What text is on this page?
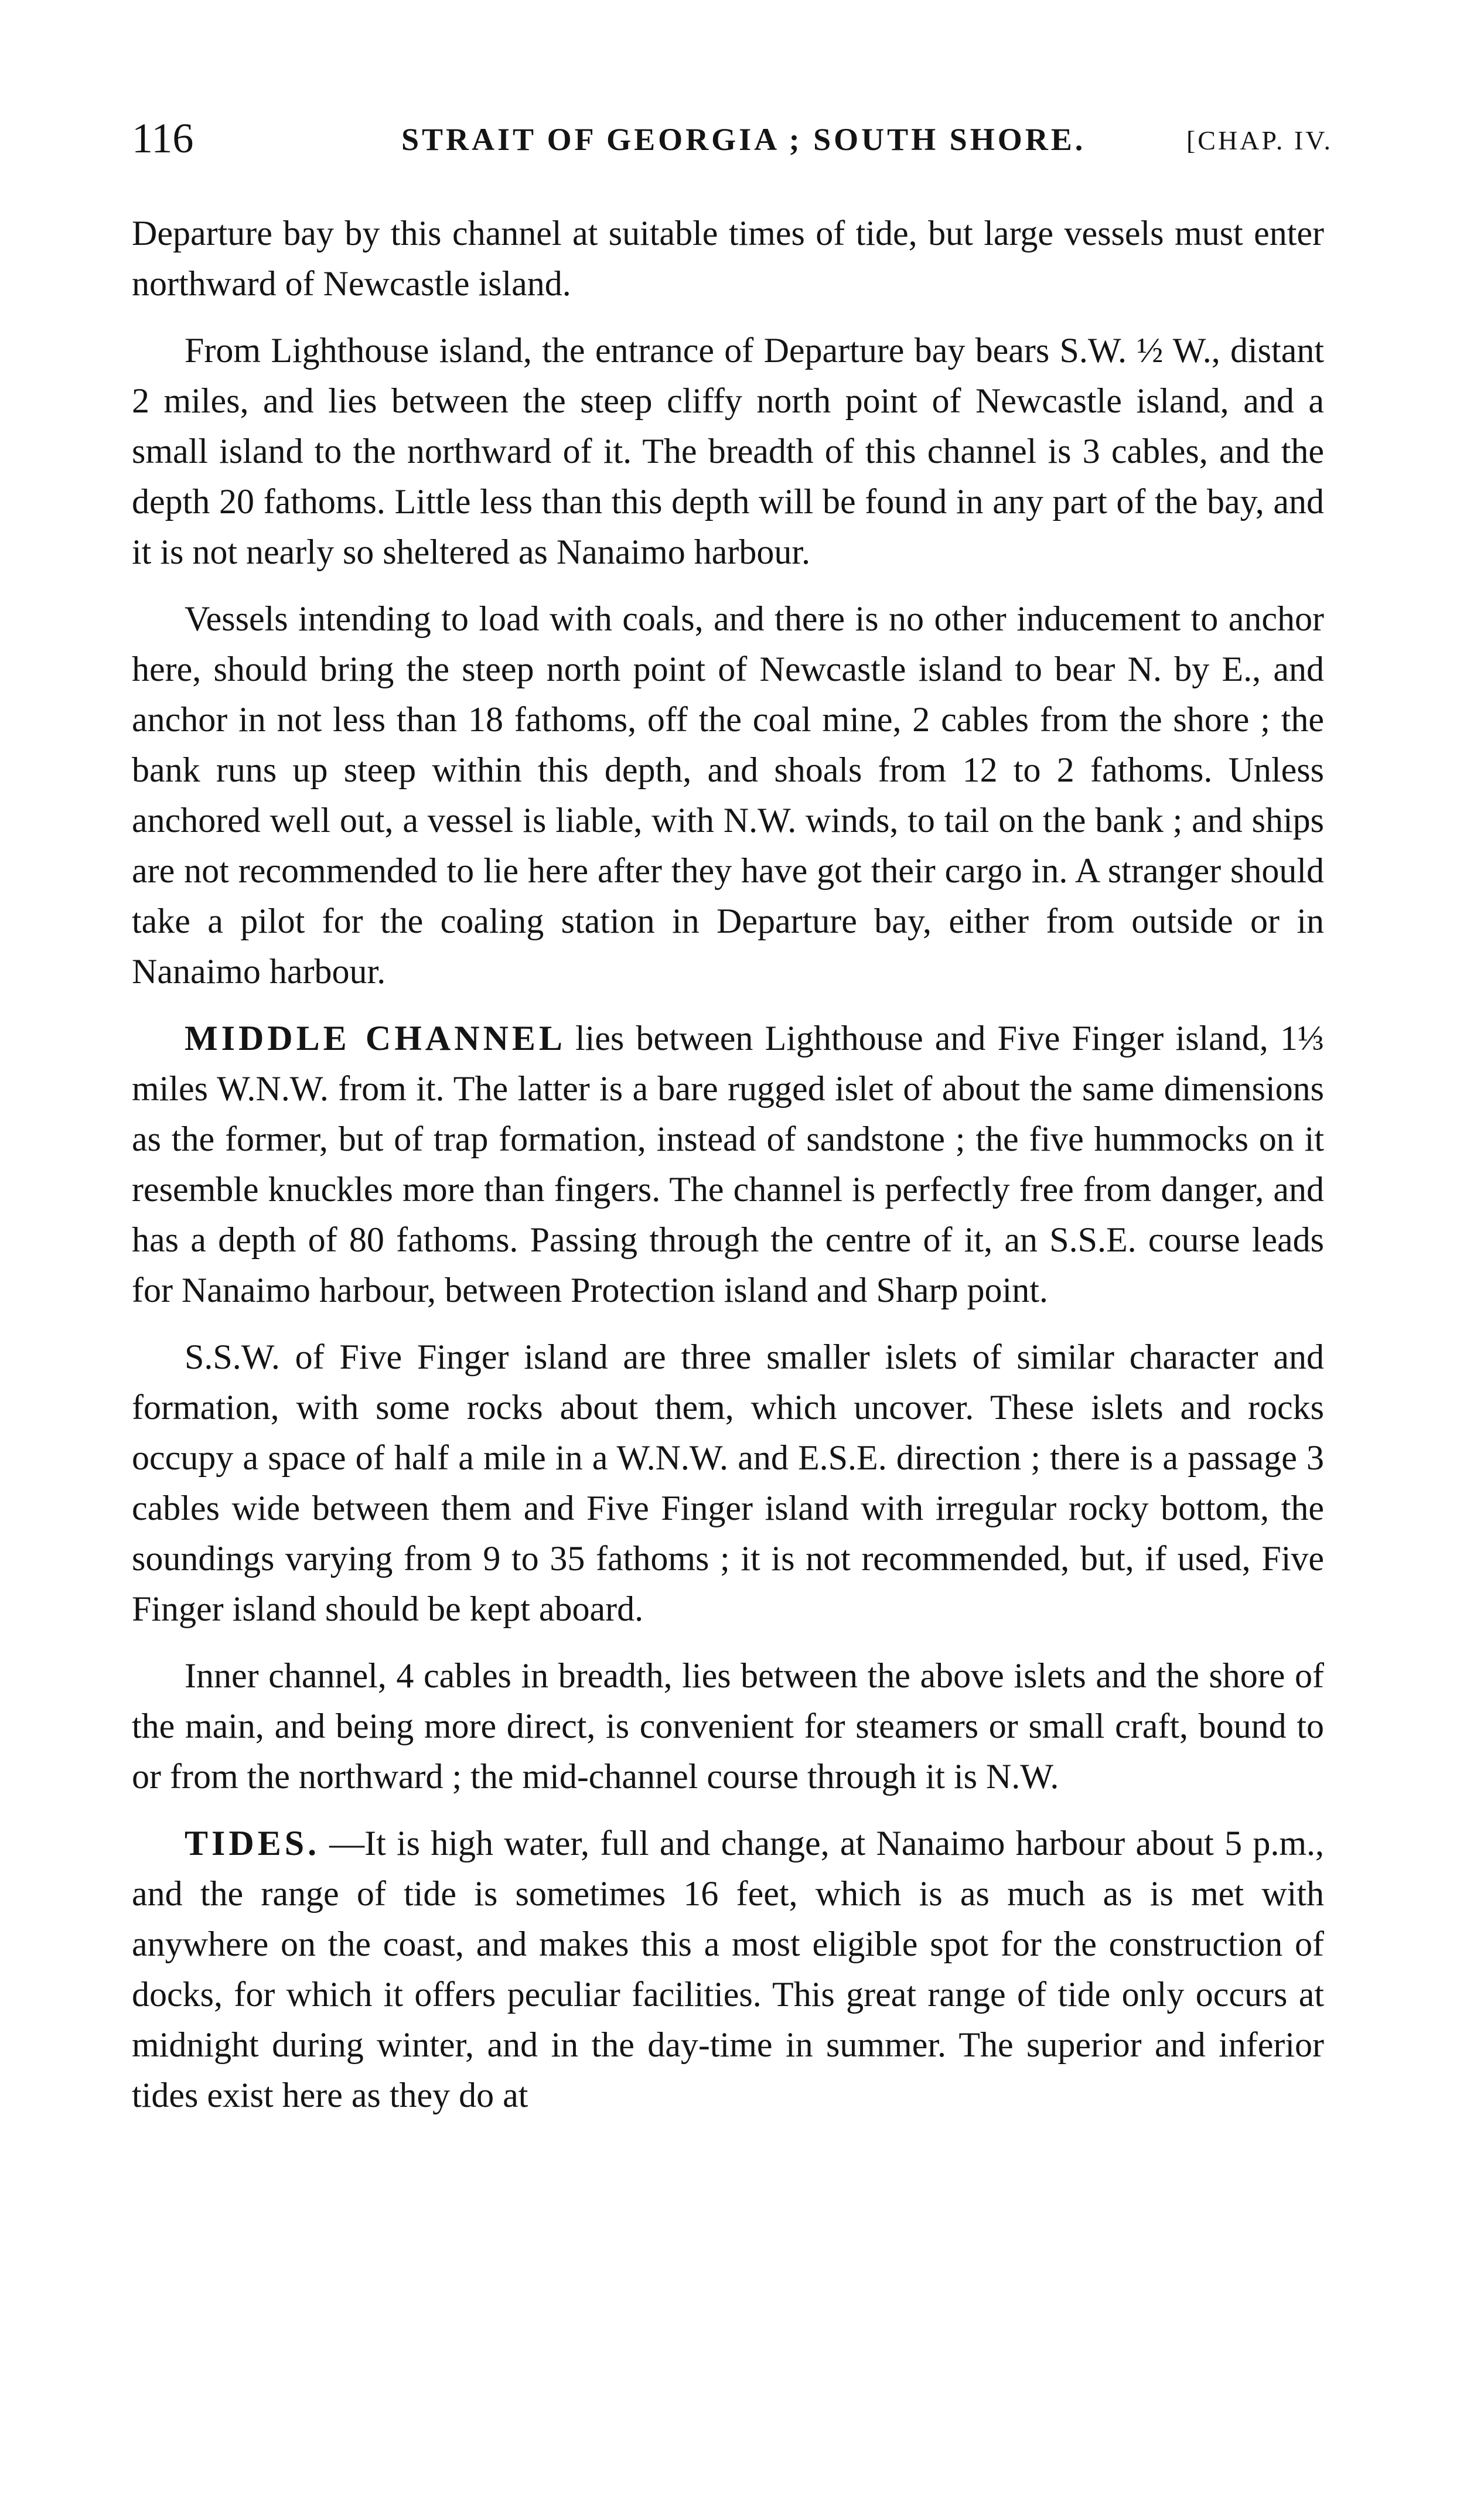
116	STRAIT OF GEORGIA ; SOUTH SHORE.	[CHAP. IV.

Departure bay by this channel at suitable times of tide, but large vessels must enter northward of Newcastle island.

From Lighthouse island, the entrance of Departure bay bears S.W. ½ W., distant 2 miles, and lies between the steep cliffy north point of Newcastle island, and a small island to the northward of it. The breadth of this channel is 3 cables, and the depth 20 fathoms. Little less than this depth will be found in any part of the bay, and it is not nearly so sheltered as Nanaimo harbour.

Vessels intending to load with coals, and there is no other inducement to anchor here, should bring the steep north point of Newcastle island to bear N. by E., and anchor in not less than 18 fathoms, off the coal mine, 2 cables from the shore ; the bank runs up steep within this depth, and shoals from 12 to 2 fathoms. Unless anchored well out, a vessel is liable, with N.W. winds, to tail on the bank ; and ships are not recommended to lie here after they have got their cargo in. A stranger should take a pilot for the coaling station in Departure bay, either from outside or in Nanaimo harbour.

MIDDLE CHANNEL lies between Lighthouse and Five Finger island, 1⅓ miles W.N.W. from it. The latter is a bare rugged islet of about the same dimensions as the former, but of trap formation, instead of sandstone ; the five hummocks on it resemble knuckles more than fingers. The channel is perfectly free from danger, and has a depth of 80 fathoms. Passing through the centre of it, an S.S.E. course leads for Nanaimo harbour, between Protection island and Sharp point.

S.S.W. of Five Finger island are three smaller islets of similar character and formation, with some rocks about them, which uncover. These islets and rocks occupy a space of half a mile in a W.N.W. and E.S.E. direction ; there is a passage 3 cables wide between them and Five Finger island with irregular rocky bottom, the soundings varying from 9 to 35 fathoms ; it is not recommended, but, if used, Five Finger island should be kept aboard.

Inner channel, 4 cables in breadth, lies between the above islets and the shore of the main, and being more direct, is convenient for steamers or small craft, bound to or from the northward ; the mid-channel course through it is N.W.

TIDES. —It is high water, full and change, at Nanaimo harbour about 5 p.m., and the range of tide is sometimes 16 feet, which is as much as is met with anywhere on the coast, and makes this a most eligible spot for the construction of docks, for which it offers peculiar facilities. This great range of tide only occurs at midnight during winter, and in the day-time in summer. The superior and inferior tides exist here as they do at
